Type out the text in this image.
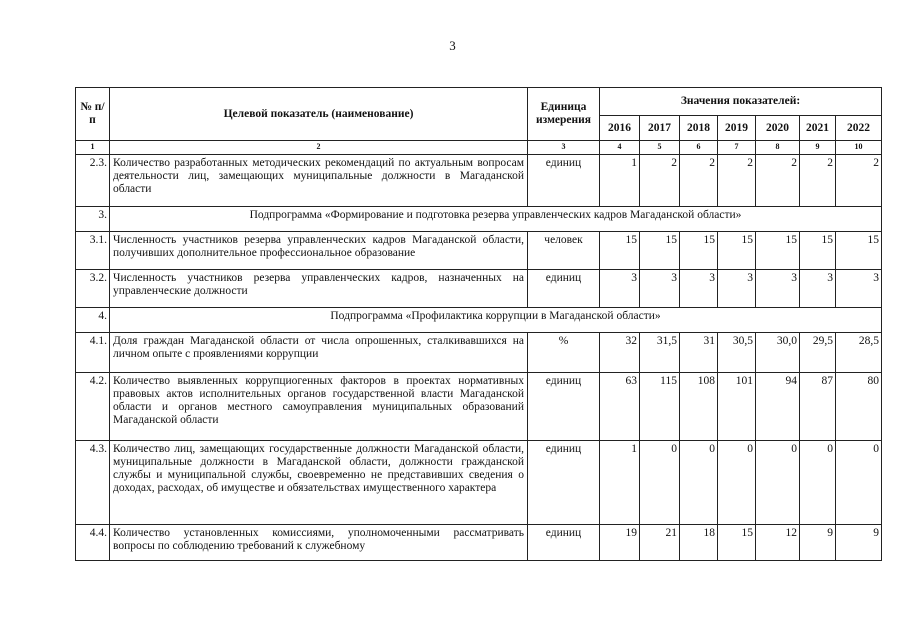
3
№ п/п	Целевой показатель (наименование)	Единица измерения	Значения показателей:						
			2016	2017	2018	2019	2020	2021	2022
1	2	3	4	5	6	7	8	9	10
2.3.	Количество разработанных методических рекомендаций по актуальным вопросам деятельности лиц, замещающих муниципальные должности в Магаданской области	единиц	1	2	2	2	2	2	2
3.	Подпрограмма «Формирование и подготовка резерва управленческих кадров Магаданской области»								
3.1.	Численность участников резерва управленческих кадров Магаданской области, получивших дополнительное профессиональное образование	человек	15	15	15	15	15	15	15
3.2.	Численность участников резерва управленческих кадров, назначенных на управленческие должности	единиц	3	3	3	3	3	3	3
4.	Подпрограмма «Профилактика коррупции в Магаданской области»								
4.1.	Доля граждан Магаданской области от числа опрошенных, сталкивавшихся на личном опыте с проявлениями коррупции	%	32	31,5	31	30,5	30,0	29,5	28,5
4.2.	Количество выявленных коррупциогенных факторов в проектах нормативных правовых актов исполнительных органов государственной власти Магаданской области и органов местного самоуправления муниципальных образований Магаданской области	единиц	63	115	108	101	94	87	80
4.3.	Количество лиц, замещающих государственные должности Магаданской области, муниципальные должности в Магаданской области, должности гражданской службы и муниципальной службы, своевременно не представивших сведения о доходах, расходах, об имуществе и обязательствах имущественного характера	единиц	1	0	0	0	0	0	0
4.4.	Количество установленных комиссиями, уполномоченными рассматривать вопросы по соблюдению требований к служебному	единиц	19	21	18	15	12	9	9
